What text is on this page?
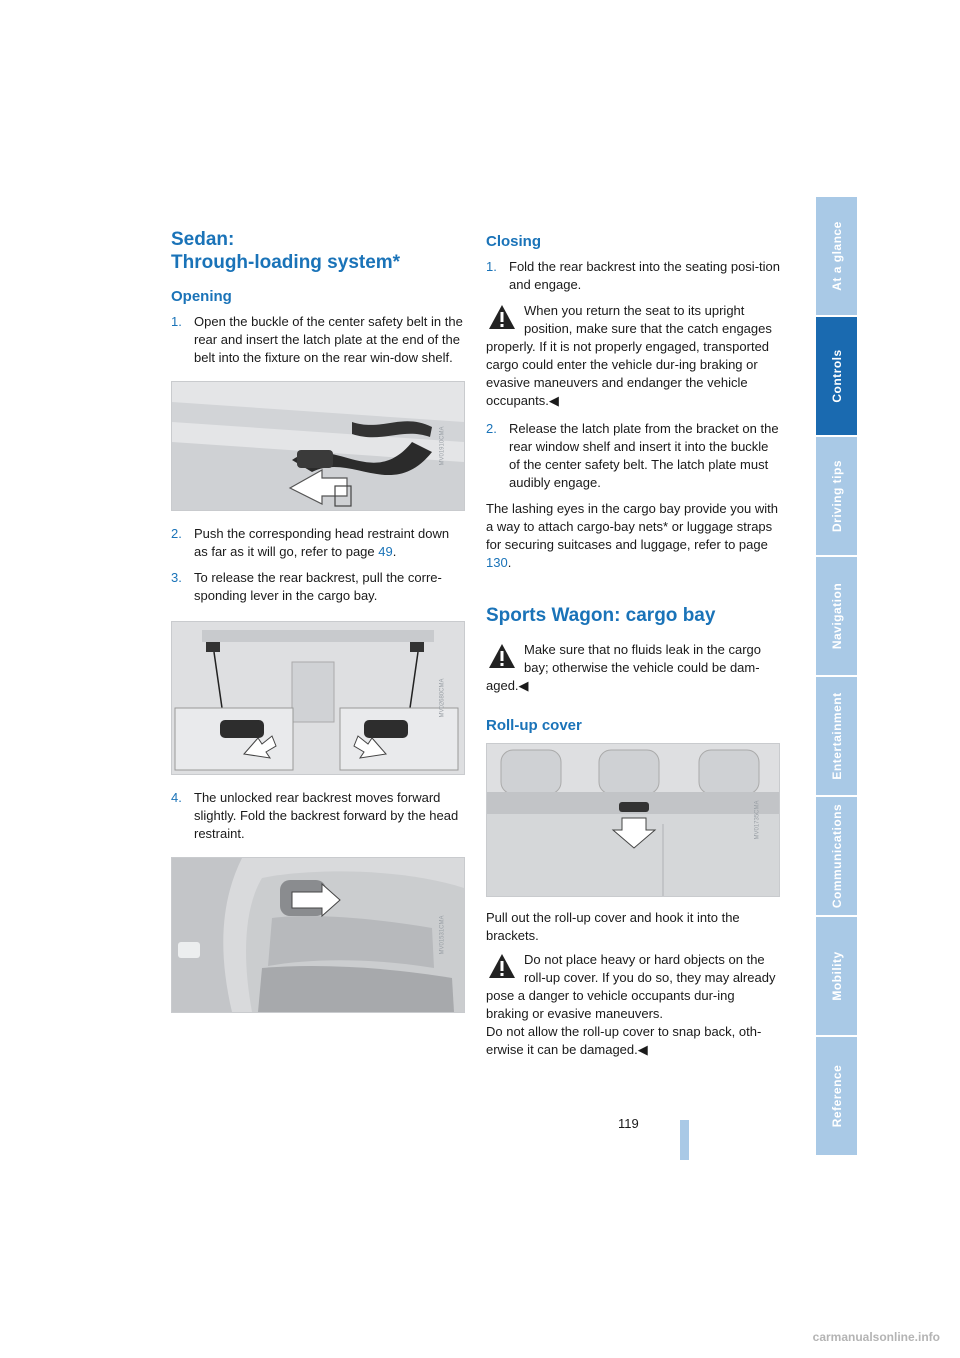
Sedan:
Through-loading system*
Opening
1. Open the buckle of the center safety belt in the rear and insert the latch plate at the end of the belt into the fixture on the rear win-dow shelf.
MV01910CMA
2. Push the corresponding head restraint down as far as it will go, refer to page 49.
3. To release the rear backrest, pull the corre-sponding lever in the cargo bay.
MV02680CMA
4. The unlocked rear backrest moves forward slightly. Fold the backrest forward by the head restraint.
MV01531CMA
Closing
1. Fold the rear backrest into the seating posi-tion and engage.
When you return the seat to its upright position, make sure that the catch engages properly. If it is not properly engaged, transported cargo could enter the vehicle dur-ing braking or evasive maneuvers and endanger the vehicle occupants.◀
2. Release the latch plate from the bracket on the rear window shelf and insert it into the buckle of the center safety belt. The latch plate must audibly engage.

The lashing eyes in the cargo bay provide you with a way to attach cargo-bay nets* or luggage straps for securing suitcases and luggage, refer to page 130.

Sports Wagon: cargo bay
Make sure that no fluids leak in the cargo bay; otherwise the vehicle could be dam-aged.◀
Roll-up cover
MV01735CMA

Pull out the roll-up cover and hook it into the brackets.

Do not place heavy or hard objects on the roll-up cover. If you do so, they may already pose a danger to vehicle occupants dur-ing braking or evasive maneuvers.
Do not allow the roll-up cover to snap back, oth-erwise it can be damaged.◀
At a glance
Controls
Driving tips
Navigation
Entertainment
Communications
Mobility
Reference
119
carmanualsonline.info
